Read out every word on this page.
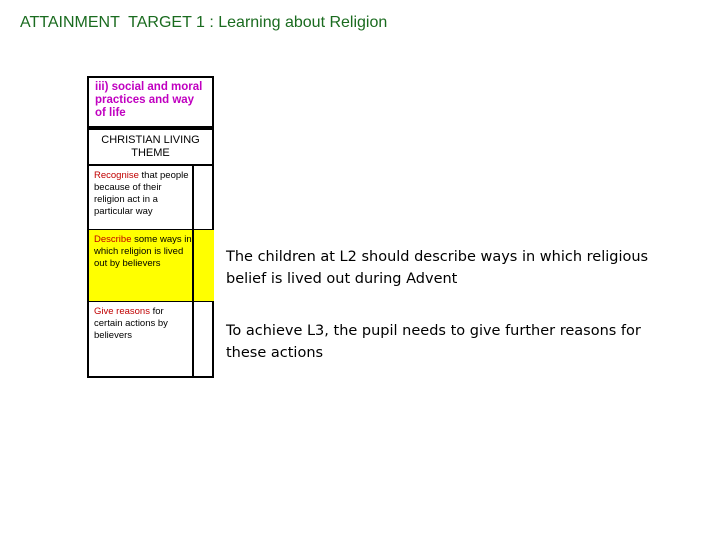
ATTAINMENT  TARGET 1 : Learning about Religion
iii) social and moral practices and way of life
CHRISTIAN LIVING THEME
Recognise that people because of their religion act in a particular way
Describe some ways in which religion is lived out by believers
Give reasons for certain actions by believers
The children at L2 should describe ways in which religious belief is lived out during Advent
To achieve L3, the pupil needs to give further reasons for these actions
